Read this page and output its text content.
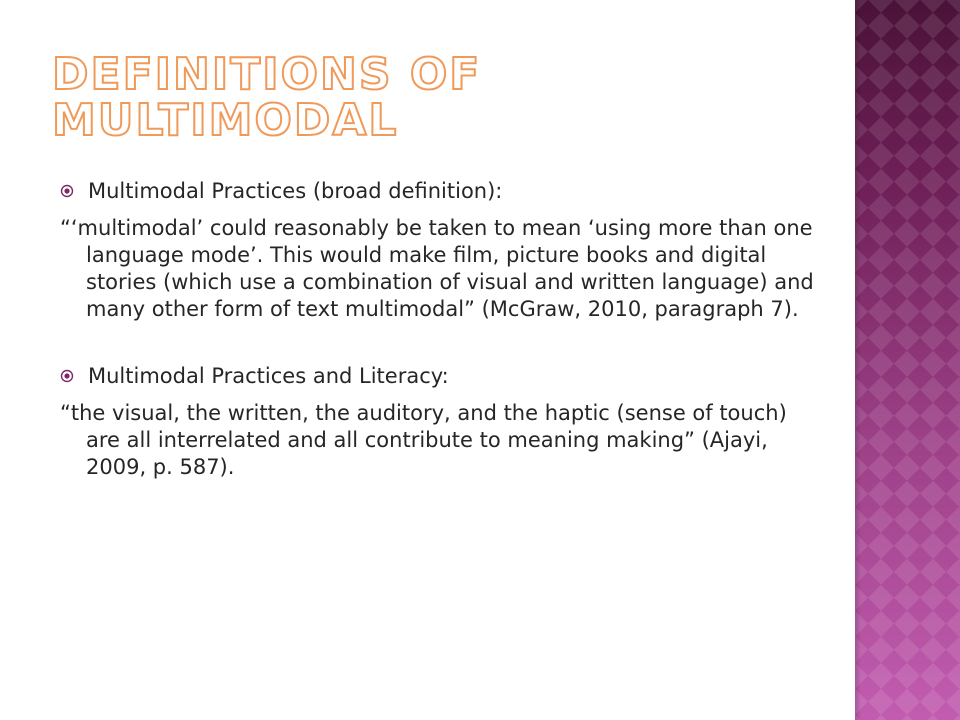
DEFINITIONS OF MULTIMODAL

Multimodal Practices (broad definition):

“‘multimodal’ could reasonably be taken to mean ‘using more than one language mode’. This would make film, picture books and digital stories (which use a combination of visual and written language) and many other form of text multimodal” (McGraw, 2010, paragraph 7).

Multimodal Practices and Literacy:

“the visual, the written, the auditory, and the haptic (sense of touch) are all interrelated and all contribute to meaning making” (Ajayi, 2009, p. 587).
